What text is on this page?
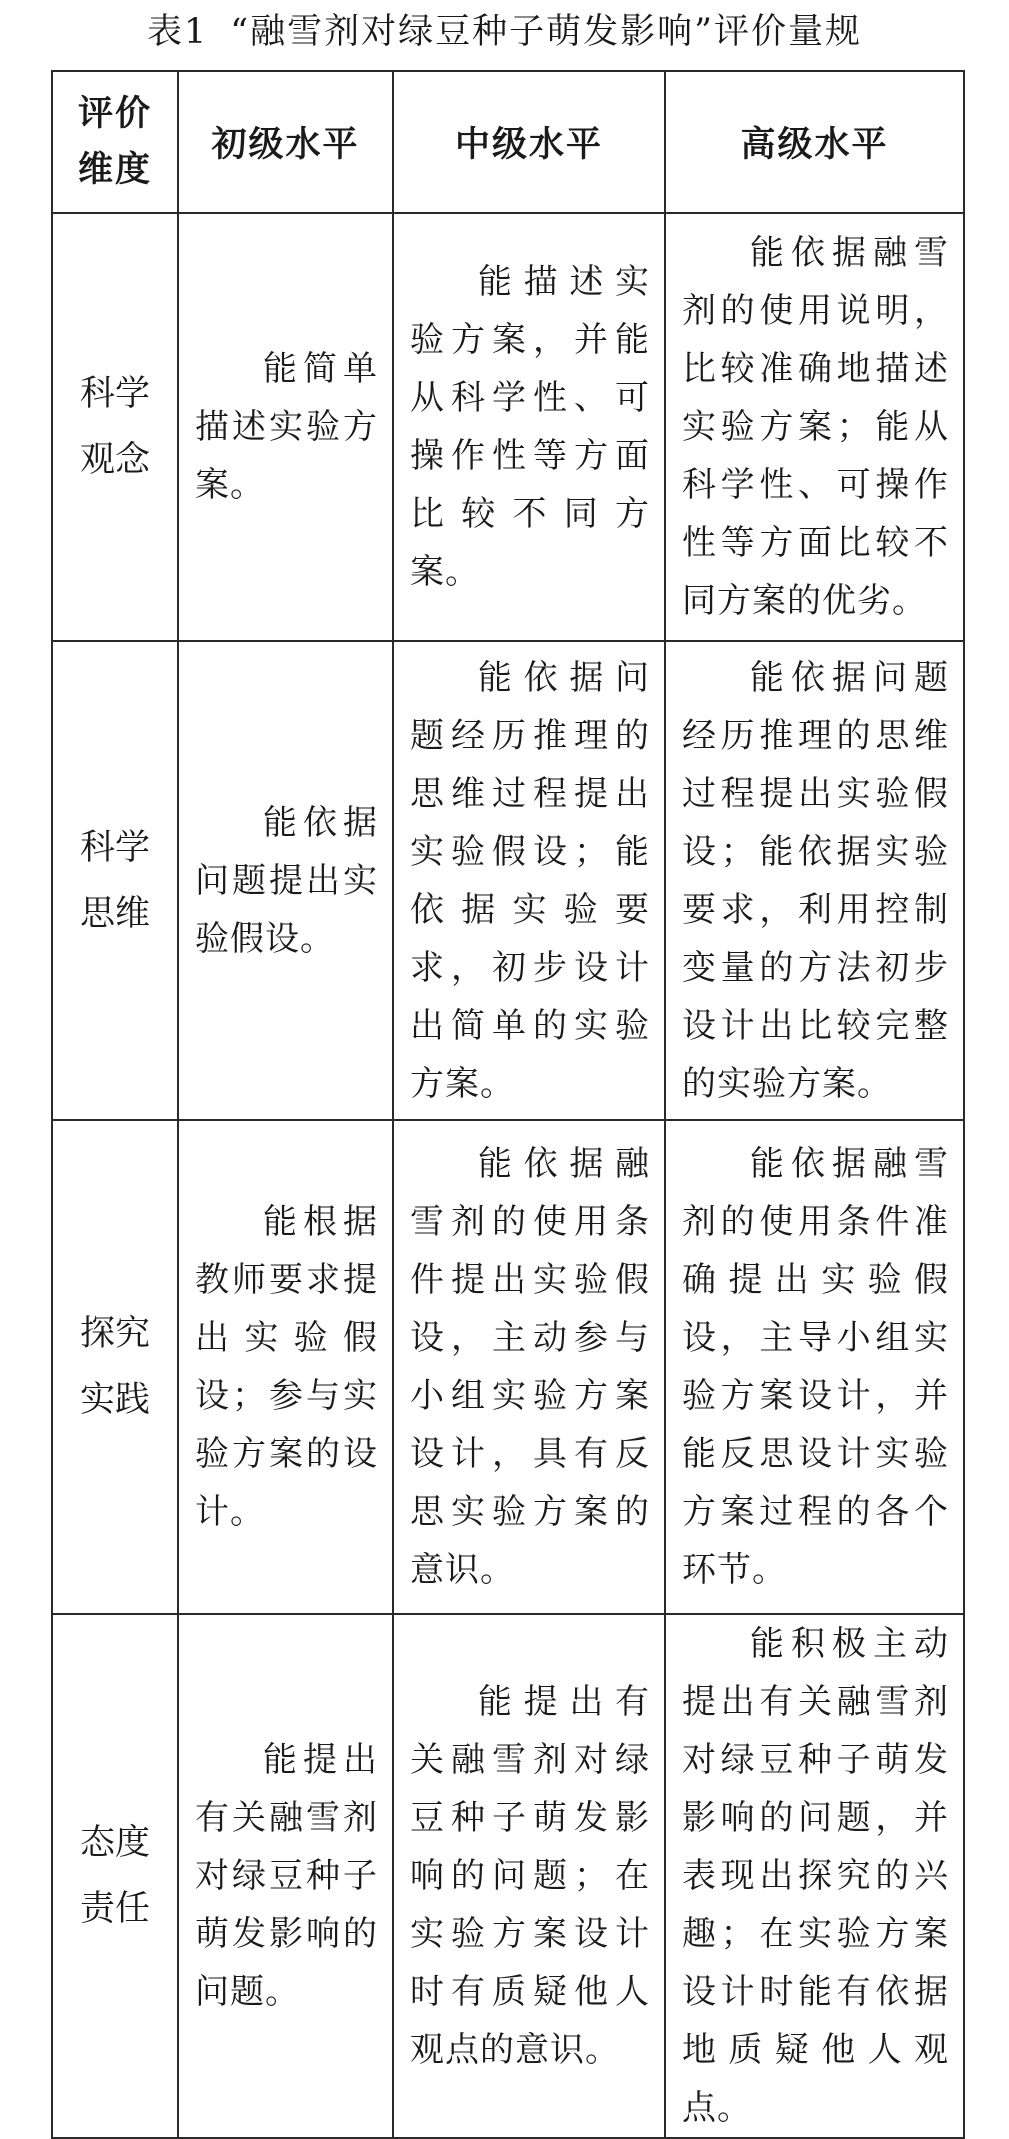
表1 “融雪剂对绿豆种子萌发影响”评价量规
评价
维度	初级水平	中级水平	高级水平

科学
观念	能简单描述实验方案。	能描述实验方案，并能从科学性、可操作性等方面比较不同方案。	能依据融雪剂的使用说明，比较准确地描述实验方案；能从科学性、可操作性等方面比较不同方案的优劣。

科学
思维	能依据问题提出实验假设。	能依据问题经历推理的思维过程提出实验假设；能依据实验要求，初步设计出简单的实验方案。	能依据问题经历推理的思维过程提出实验假设；能依据实验要求，利用控制变量的方法初步设计出比较完整的实验方案。

探究
实践	能根据教师要求提出实验假设；参与实验方案的设计。	能依据融雪剂的使用条件提出实验假设，主动参与小组实验方案设计，具有反思实验方案的意识。	能依据融雪剂的使用条件准确提出实验假设，主导小组实验方案设计，并能反思设计实验方案过程的各个环节。

态度
责任	能提出有关融雪剂对绿豆种子萌发影响的问题。	能提出有关融雪剂对绿豆种子萌发影响的问题；在实验方案设计时有质疑他人观点的意识。	能积极主动提出有关融雪剂对绿豆种子萌发影响的问题，并表现出探究的兴趣；在实验方案设计时能有依据地质疑他人观点。
